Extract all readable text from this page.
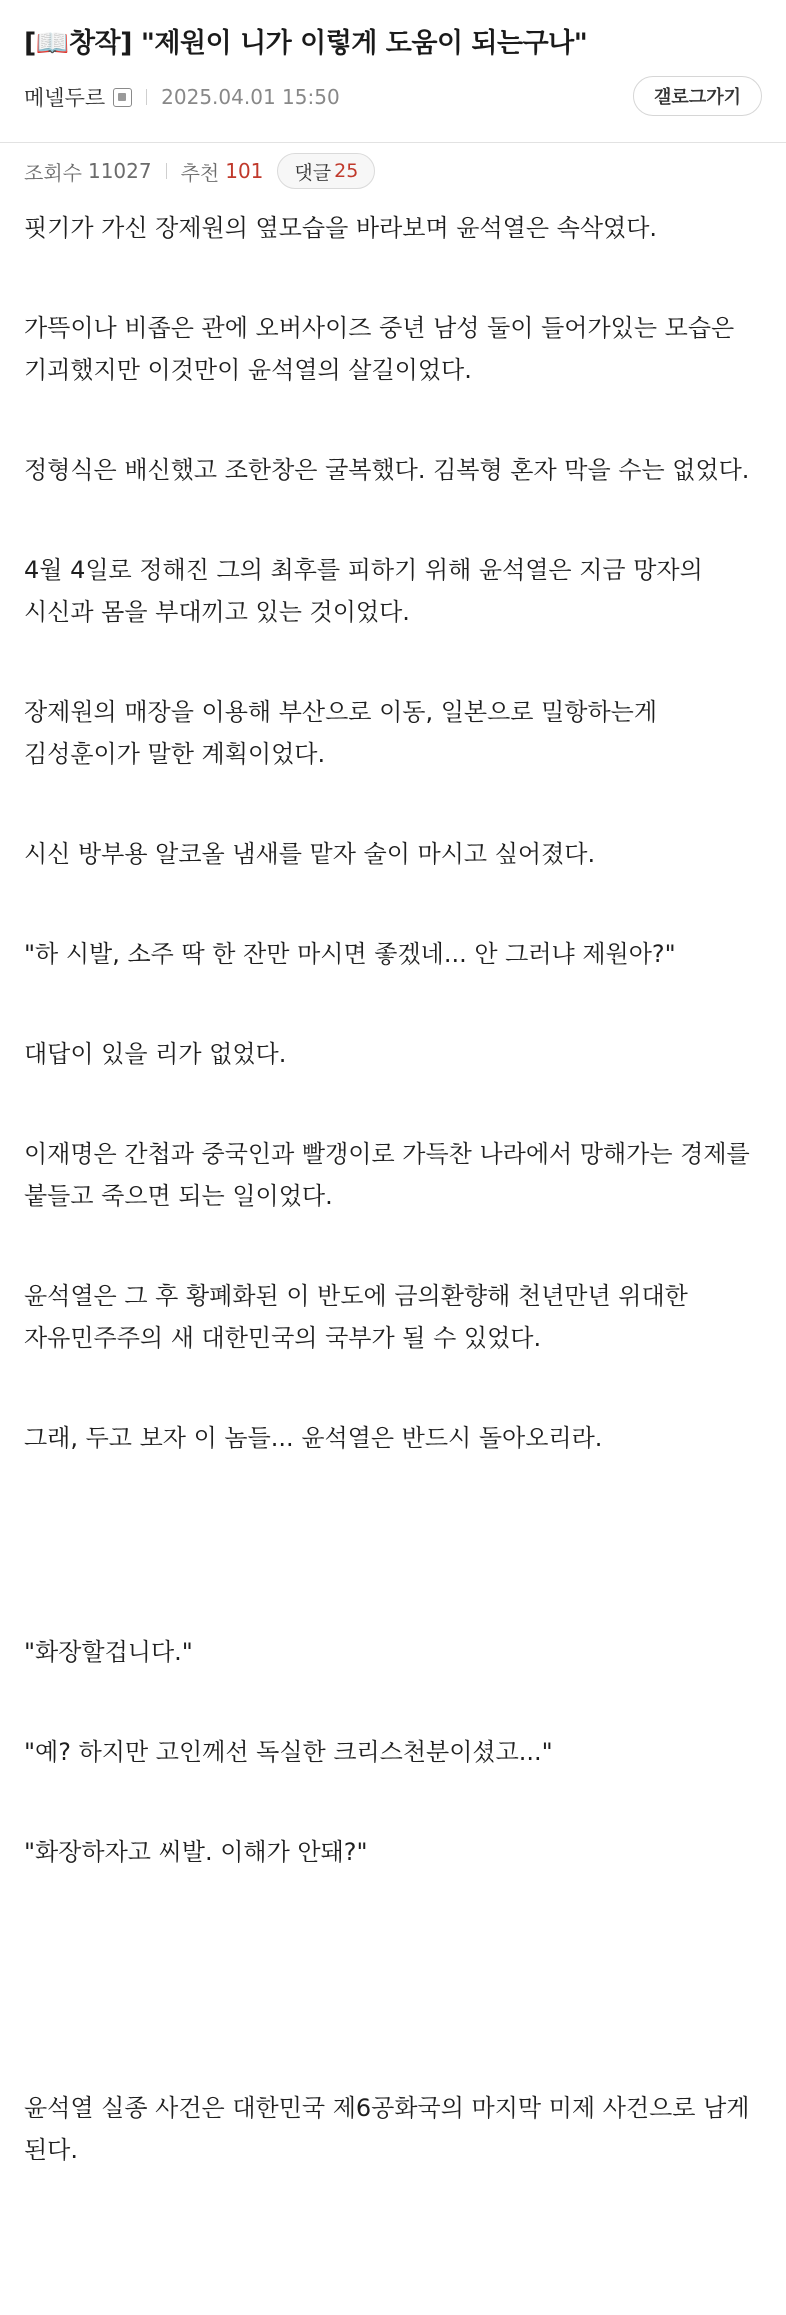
[📖창작] "제원이 니가 이렇게 도움이 되는구나"
메넬두르	2025.04.01 15:50	갤로그가기
조회수 11027 추천 101 댓글 25

핏기가 가신 장제원의 옆모습을 바라보며 윤석열은 속삭였다.

가뜩이나 비좁은 관에 오버사이즈 중년 남성 둘이 들어가있는 모습은 기괴했지만 이것만이 윤석열의 살길이었다.

정형식은 배신했고 조한창은 굴복했다. 김복형 혼자 막을 수는 없었다.

4월 4일로 정해진 그의 최후를 피하기 위해 윤석열은 지금 망자의 시신과 몸을 부대끼고 있는 것이었다.

장제원의 매장을 이용해 부산으로 이동, 일본으로 밀항하는게 김성훈이가 말한 계획이었다.

시신 방부용 알코올 냄새를 맡자 술이 마시고 싶어졌다.

"하 시발, 소주 딱 한 잔만 마시면 좋겠네... 안 그러냐 제원아?"

대답이 있을 리가 없었다.

이재명은 간첩과 중국인과 빨갱이로 가득찬 나라에서 망해가는 경제를 붙들고 죽으면 되는 일이었다.

윤석열은 그 후 황폐화된 이 반도에 금의환향해 천년만년 위대한 자유민주주의 새 대한민국의 국부가 될 수 있었다.

그래, 두고 보자 이 놈들... 윤석열은 반드시 돌아오리라.

"화장할겁니다."

"예? 하지만 고인께선 독실한 크리스천분이셨고..."

"화장하자고 씨발. 이해가 안돼?"

윤석열 실종 사건은 대한민국 제6공화국의 마지막 미제 사건으로 남게 된다.
